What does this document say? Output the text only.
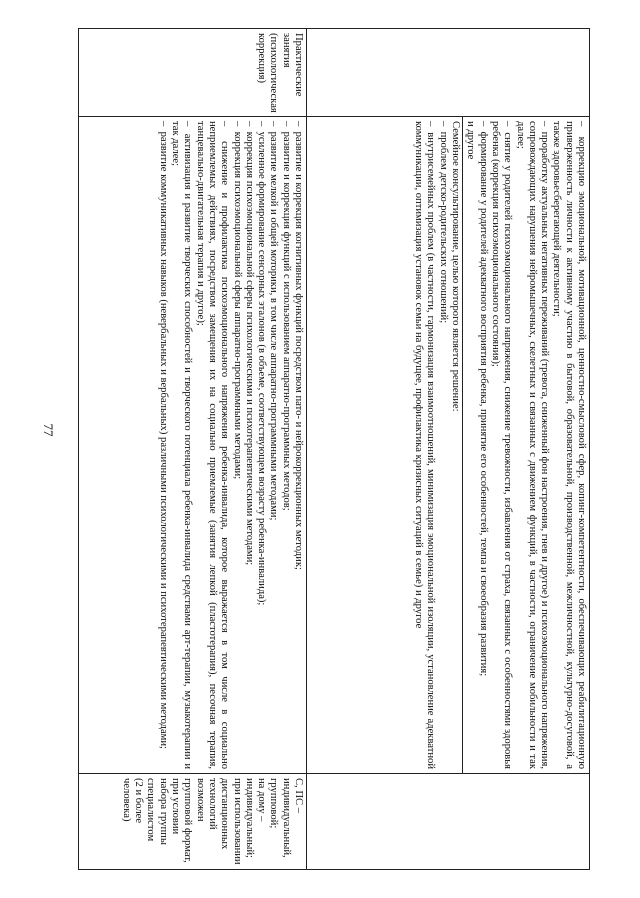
77

–	коррекцию эмоциональной, мотивационной, ценностно-смысловой сфер, копинг-компетентности, обеспечивающих реабилитационную приверженность личности к активному участию в бытовой, образовательной, производственной, межличностной, культурно-досуговой, а также здоровьесберегающей деятельности;

–  проработку актуальных негативных переживаний (тревога, сниженный фон настроения, гнев и другое) и психоэмоционального напряжения, сопровождающих нарушения нейромышечных, скелетных и связанных с движением функций, в частности, ограничение мобильности и так далее;

–  снятие у родителей психоэмоционального напряжения, снижение тревожности, избавления от страха, связанных с особенностями здоровья ребенка (коррекция психоэмоционального состояния);

–  формирование у родителей адекватного восприятия ребенка, принятие его особенностей, темпа и своеобразия развития;

и другое

Семейное консультирование, целью которого является решение:

–  проблем детско-родительских отношений;

–  внутрисемейных проблем (в частности, гармонизация взаимоотношений, минимизация эмоциональной изоляции, установление адекватной коммуникации, оптимизация установок семьи на будущее, профилактика кризисных ситуаций в семье) и другое

Практические занятия (психологическая коррекция)	

–  развитие и коррекция когнитивных функций посредством пато- и нейрокоррекционных методик;

–  развитие и коррекция функций с использованием аппаратно-программных методов;

–  развитие мелкой и общей моторики, в том числе аппаратно-программными методами;

–  усиленное формирование сенсорных эталонов (в объеме, соответствующем возрасту ребенка-инвалида);

–  коррекция психоэмоциональной сферы психологическими и психотерапевтическими методами;

–  коррекция психоэмоциональной сферы аппаратно-программными методами;

–  снижение и профилактика психоэмоционального напряжения ребенка-инвалида, которое выражается в том числе в социально неприемлемых действиях, посредством замещения их на социально приемлемые (занятия лепкой (пластотерапия), песочная терапия, танцевально-двигательная терапия и другое);

–  активизация и развитие творческих способностей и творческого потенциала ребенка-инвалида средствами арт-терапии, музыкотерапии и так далее;

–  развитие коммуникативных навыков (невербальных и вербальных) различными психологическими и психотерапевтическими методами;

С, ПС –

индивидуальный,

групповой;

на дому –

индивидуальный;

при использовании дистанционных технологий

возможен групповой формат, при условии набора группы специалистом

(2 и более человека)
